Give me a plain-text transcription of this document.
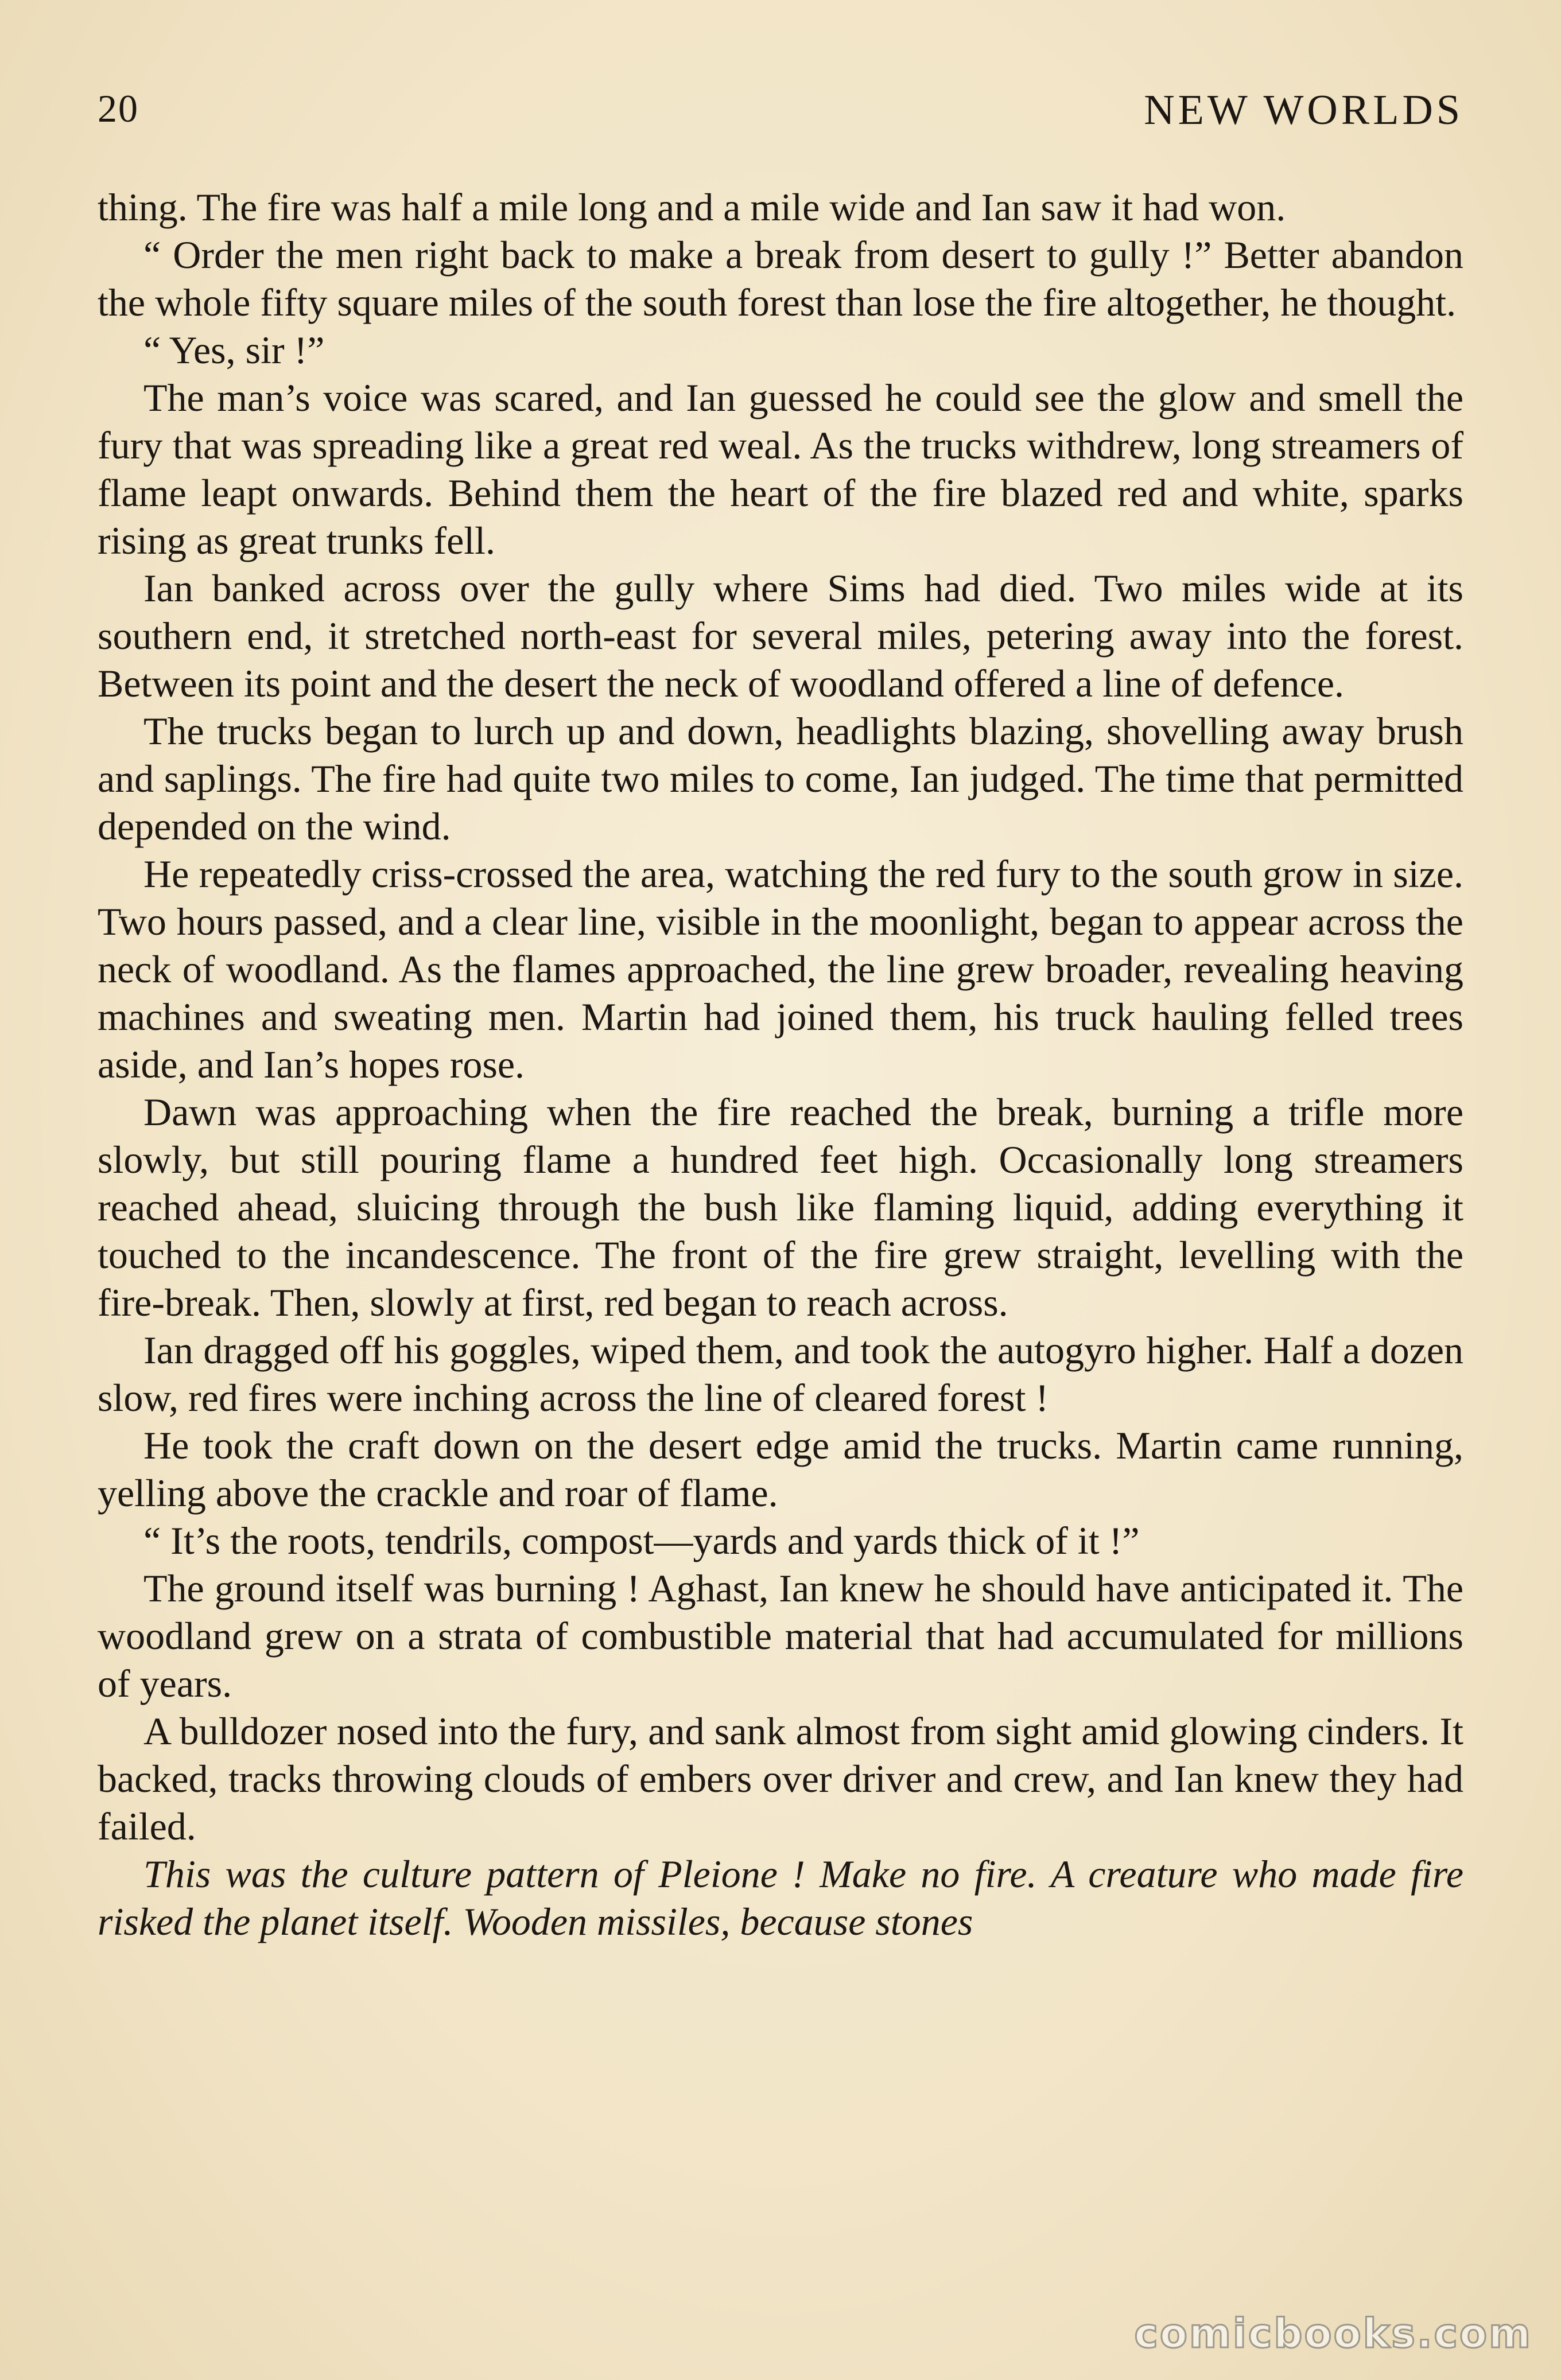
20	NEW WORLDS

thing. The fire was half a mile long and a mile wide and Ian saw it had won.

“ Order the men right back to make a break from desert to gully !” Better abandon the whole fifty square miles of the south forest than lose the fire altogether, he thought.

“ Yes, sir !”

The man’s voice was scared, and Ian guessed he could see the glow and smell the fury that was spreading like a great red weal. As the trucks withdrew, long streamers of flame leapt onwards. Behind them the heart of the fire blazed red and white, sparks rising as great trunks fell.

Ian banked across over the gully where Sims had died. Two miles wide at its southern end, it stretched north-east for several miles, petering away into the forest. Between its point and the desert the neck of woodland offered a line of defence.

The trucks began to lurch up and down, headlights blazing, shovelling away brush and saplings. The fire had quite two miles to come, Ian judged. The time that permitted depended on the wind.

He repeatedly criss-crossed the area, watching the red fury to the south grow in size. Two hours passed, and a clear line, visible in the moonlight, began to appear across the neck of woodland. As the flames approached, the line grew broader, revealing heaving machines and sweating men. Martin had joined them, his truck hauling felled trees aside, and Ian’s hopes rose.

Dawn was approaching when the fire reached the break, burning a trifle more slowly, but still pouring flame a hundred feet high. Occasionally long streamers reached ahead, sluicing through the bush like flaming liquid, adding everything it touched to the incandescence. The front of the fire grew straight, levelling with the fire-break. Then, slowly at first, red began to reach across.

Ian dragged off his goggles, wiped them, and took the autogyro higher. Half a dozen slow, red fires were inching across the line of cleared forest !

He took the craft down on the desert edge amid the trucks. Martin came running, yelling above the crackle and roar of flame.

“ It’s the roots, tendrils, compost—yards and yards thick of it !”

The ground itself was burning ! Aghast, Ian knew he should have anticipated it. The woodland grew on a strata of combustible material that had accumulated for millions of years.

A bulldozer nosed into the fury, and sank almost from sight amid glowing cinders. It backed, tracks throwing clouds of embers over driver and crew, and Ian knew they had failed.

This was the culture pattern of Pleione ! Make no fire. A creature who made fire risked the planet itself. Wooden missiles, because stones

comicbooks.com
